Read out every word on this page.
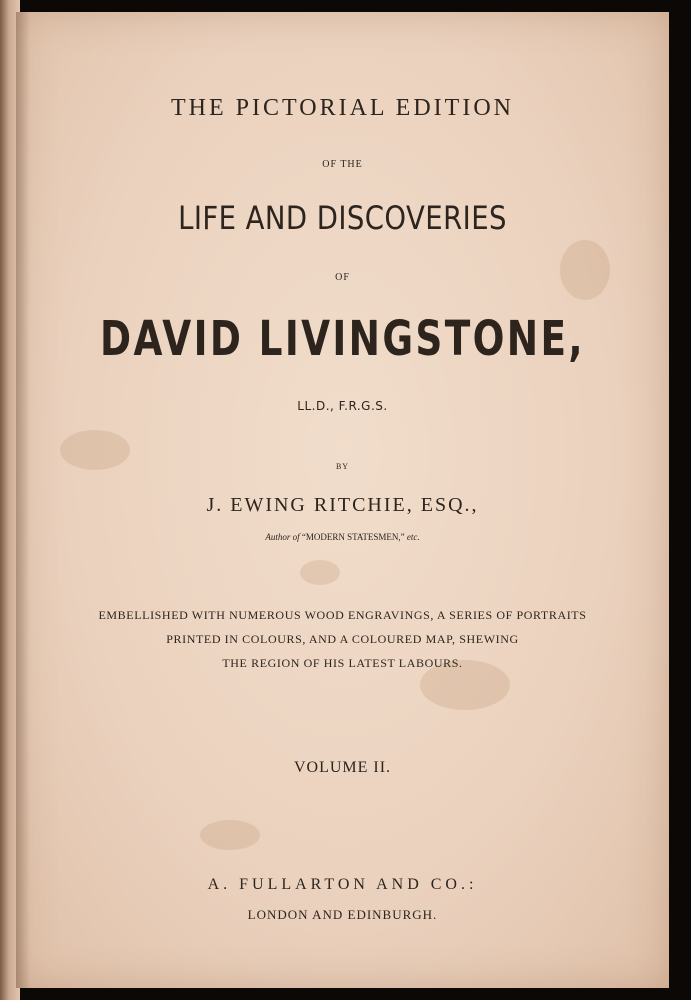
THE PICTORIAL EDITION
OF THE
LIFE AND DISCOVERIES
OF
DAVID LIVINGSTONE,
LL.D., F.R.G.S.
BY
J. EWING RITCHIE, ESQ.,
Author of “MODERN STATESMEN,” etc.
EMBELLISHED WITH NUMEROUS WOOD ENGRAVINGS, A SERIES OF PORTRAITS
PRINTED IN COLOURS, AND A COLOURED MAP, SHEWING
THE REGION OF HIS LATEST LABOURS.
VOLUME II.
A. FULLARTON AND CO.:
LONDON AND EDINBURGH.
